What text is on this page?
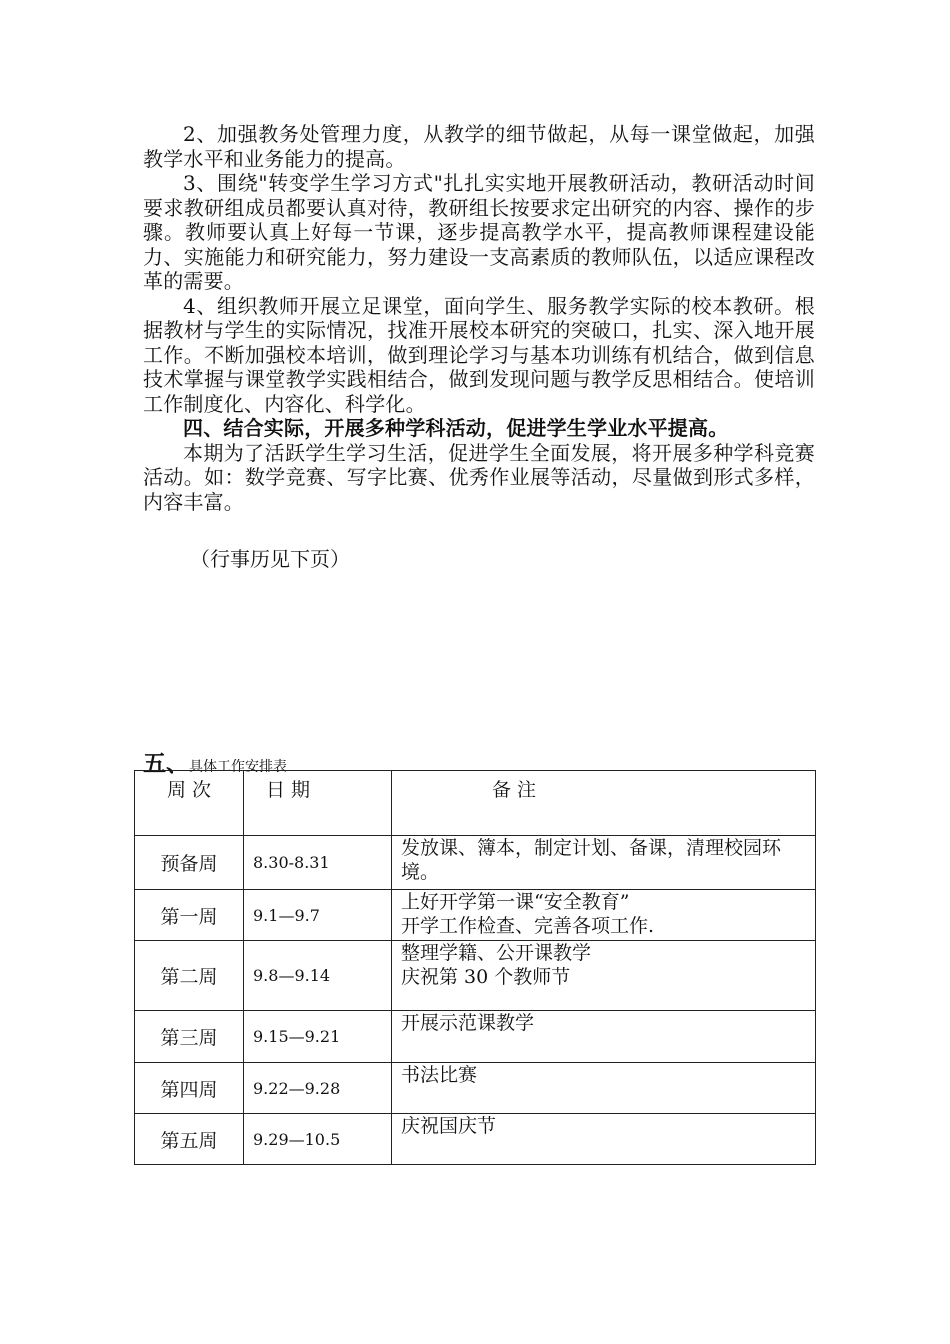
2、加强教务处管理力度，从教学的细节做起，从每一课堂做起，加强教学水平和业务能力的提高。

3、围绕"转变学生学习方式"扎扎实实地开展教研活动，教研活动时间要求教研组成员都要认真对待，教研组长按要求定出研究的内容、操作的步骤。教师要认真上好每一节课，逐步提高教学水平，提高教师课程建设能力、实施能力和研究能力，努力建设一支高素质的教师队伍，以适应课程改革的需要。

4、组织教师开展立足课堂，面向学生、服务教学实际的校本教研。根据教材与学生的实际情况，找准开展校本研究的突破口，扎实、深入地开展工作。不断加强校本培训，做到理论学习与基本功训练有机结合，做到信息技术掌握与课堂教学实践相结合，做到发现问题与教学反思相结合。使培训工作制度化、内容化、科学化。

四、结合实际，开展多种学科活动，促进学生学业水平提高。

本期为了活跃学生学习生活，促进学生全面发展，将开展多种学科竞赛活动。如：数学竞赛、写字比赛、优秀作业展等活动，尽量做到形式多样，内容丰富。

（行事历见下页）
五、具体工作安排表
周 次	日 期	备 注
预备周	8.30-8.31	发放课、簿本，制定计划、备课，清理校园环境。

第一周	9.1—9.7	上好开学第一课“安全教育”
开学工作检查、完善各项工作.

第二周	9.8—9.14	整理学籍、公开课教学
庆祝第 30 个教师节

第三周	9.15—9.21	开展示范课教学

第四周	9.22—9.28	书法比赛

第五周	9.29—10.5	庆祝国庆节
